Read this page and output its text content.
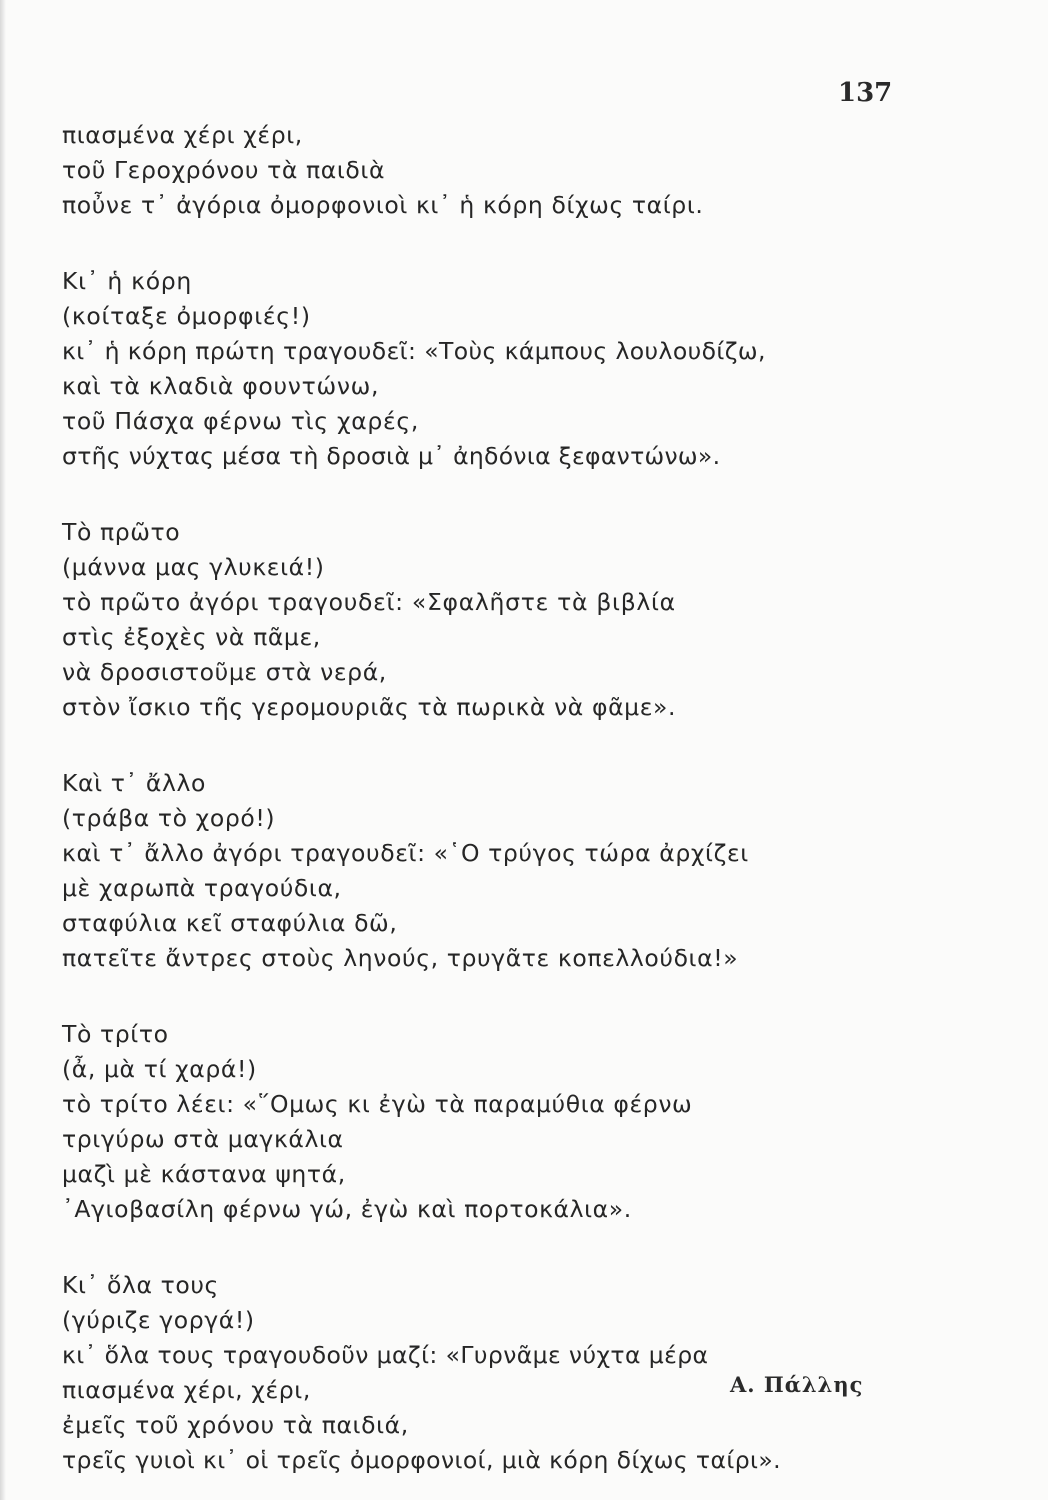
137
πιασμένα χέρι χέρι,
τοῦ Γεροχρόνου τὰ παιδιὰ
ποὖνε τ᾽ ἀγόρια ὀμορφονιοὶ κι᾽ ἡ κόρη δίχως ταίρι.
Κι᾽ ἡ κόρη
(κοίταξε ὀμορφιές!)
κι᾽ ἡ κόρη πρώτη τραγουδεῖ: «Τοὺς κάμπους λουλουδίζω,
καὶ τὰ κλαδιὰ φουντώνω,
τοῦ Πάσχα φέρνω τὶς χαρές,
στῆς νύχτας μέσα τὴ δροσιὰ μ᾽ ἀηδόνια ξεφαντώνω».
Τὸ πρῶτο
(μάννα μας γλυκειά!)
τὸ πρῶτο ἀγόρι τραγουδεῖ: «Σφαλῆστε τὰ βιβλία
στὶς ἐξοχὲς νὰ πᾶμε,
νὰ δροσιστοῦμε στὰ νερά,
στὸν ἴσκιο τῆς γερομουριᾶς τὰ πωρικὰ νὰ φᾶμε».
Καὶ τ᾽ ἄλλο
(τράβα τὸ χορό!)
καὶ τ᾽ ἄλλο ἀγόρι τραγουδεῖ: «῾Ο τρύγος τώρα ἀρχίζει
μὲ χαρωπὰ τραγούδια,
σταφύλια κεῖ σταφύλια δῶ,
πατεῖτε ἄντρες στοὺς ληνούς, τρυγᾶτε κοπελλούδια!»
Τὸ τρίτο
(ἆ, μὰ τί χαρά!)
τὸ τρίτο λέει: «῞Ομως κι ἐγὼ τὰ παραμύθια φέρνω
τριγύρω στὰ μαγκάλια
μαζὶ μὲ κάστανα ψητά,
᾽Αγιοβασίλη φέρνω γώ, ἐγὼ καὶ πορτοκάλια».
Κι᾽ ὅλα τους
(γύριζε γοργά!)
κι᾽ ὅλα τους τραγουδοῦν μαζί: «Γυρνᾶμε νύχτα μέρα
πιασμένα χέρι, χέρι,
ἐμεῖς τοῦ χρόνου τὰ παιδιά,
τρεῖς γυιοὶ κι᾽ οἱ τρεῖς ὀμορφονιοί, μιὰ κόρη δίχως ταίρι».
Α. Πάλλης
